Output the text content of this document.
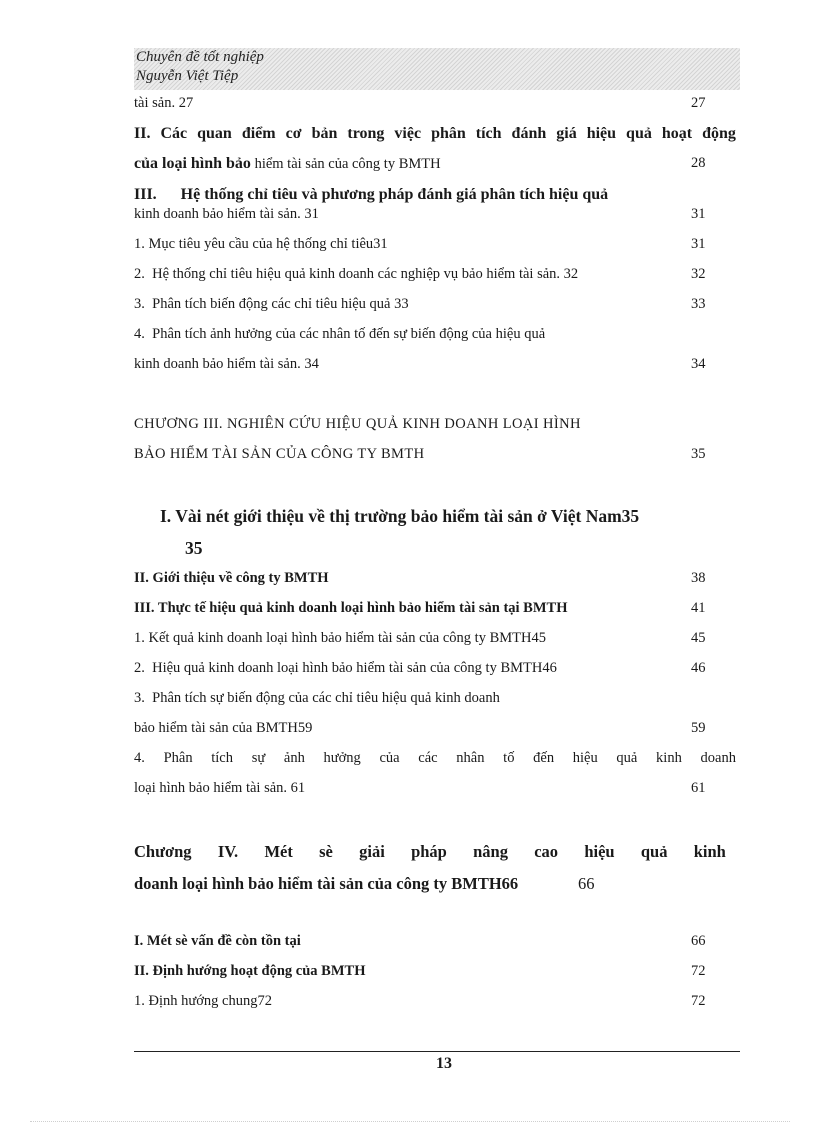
Chuyên đề tốt nghiệp
Nguyễn Việt Tiệp
tài sản. 27	27
II. Các quan điểm cơ bản trong việc phân tích đánh giá hiệu quả hoạt động
của loại hình bảo hiểm tài sản của công ty BMTH	28
III.      Hệ thống chỉ tiêu và phương pháp đánh giá phân tích hiệu quả
kinh doanh bảo hiểm tài sản. 31	31
1. Mục tiêu yêu cầu của hệ thống chỉ tiêu31	31
2.  Hệ thống chỉ tiêu hiệu quả kinh doanh các nghiệp vụ bảo hiểm tài sản. 32	32
3.  Phân tích biến động các chỉ tiêu hiệu quả 33	33
4.  Phân tích ảnh hưởng của các nhân tố đến sự biến động của hiệu quả
kinh doanh bảo hiểm tài sản. 34	34
CHƯƠNG III. NGHIÊN CỨU HIỆU QUẢ KINH DOANH LOẠI HÌNH
BẢO HIỂM TÀI SẢN CỦA CÔNG TY BMTH	35
I. Vài nét giới thiệu về thị trường bảo hiểm tài sản ở Việt Nam35
35
II. Giới thiệu về công ty BMTH	38
III. Thực tế hiệu quả kinh doanh loại hình bảo hiểm tài sản tại BMTH	41
1. Kết quả kinh doanh loại hình bảo hiểm tài sản của công ty BMTH45	45
2.  Hiệu quả kinh doanh loại hình bảo hiểm tài sản của công ty BMTH46	46
3.  Phân tích sự biến động của các chỉ tiêu hiệu quả kinh doanh
bảo hiểm tài sản của BMTH59	59
4. Phân tích sự ảnh hưởng của các nhân tố đến hiệu quả kinh doanh
loại hình bảo hiểm tài sản. 61	61
Chương IV. Mét sè giải pháp nâng cao hiệu quả kinh
doanh loại hình bảo hiểm tài sản của công ty BMTH66	66
I. Mét sè vấn đề còn tồn tại	66
II. Định hướng hoạt động của BMTH	72
1. Định hướng chung72	72
13
